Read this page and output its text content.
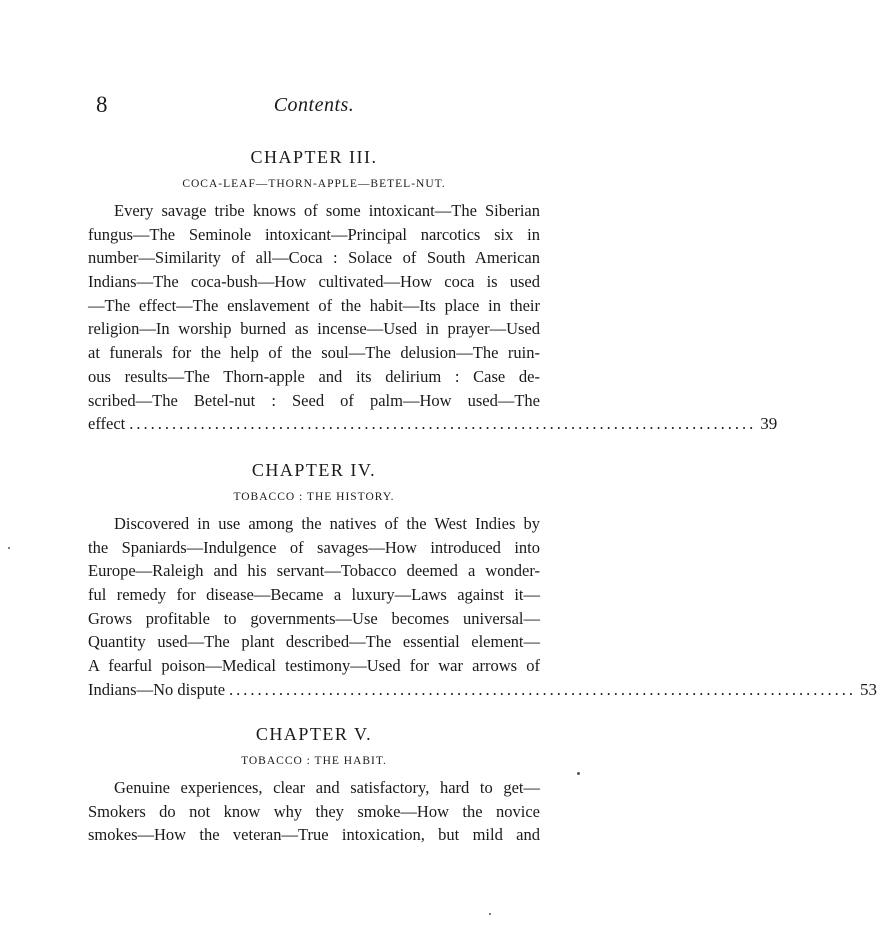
8	Contents.
CHAPTER III.
COCA-LEAF—THORN-APPLE—BETEL-NUT.
Every savage tribe knows of some intoxicant—The Siberian
fungus—The Seminole intoxicant—Principal narcotics six in
number—Similarity of all—Coca : Solace of South American
Indians—The coca-bush—How cultivated—How coca is used
—The effect—The enslavement of the habit—Its place in their
religion—In worship burned as incense—Used in prayer—Used
at funerals for the help of the soul—The delusion—The ruin-
ous results—The Thorn-apple and its delirium : Case de-
scribed—The Betel-nut : Seed of palm—How used—The
effect ........................................................................................ 39
CHAPTER IV.
TOBACCO : THE HISTORY.
Discovered in use among the natives of the West Indies by
the Spaniards—Indulgence of savages—How introduced into
Europe—Raleigh and his servant—Tobacco deemed a wonder-
ful remedy for disease—Became a luxury—Laws against it—
Grows profitable to governments—Use becomes universal—
Quantity used—The plant described—The essential element—
A fearful poison—Medical testimony—Used for war arrows of
Indians—No dispute ........................................................................................ 53
CHAPTER V.
TOBACCO : THE HABIT.
Genuine experiences, clear and satisfactory, hard to get—
Smokers do not know why they smoke—How the novice
smokes—How the veteran—True intoxication, but mild and
